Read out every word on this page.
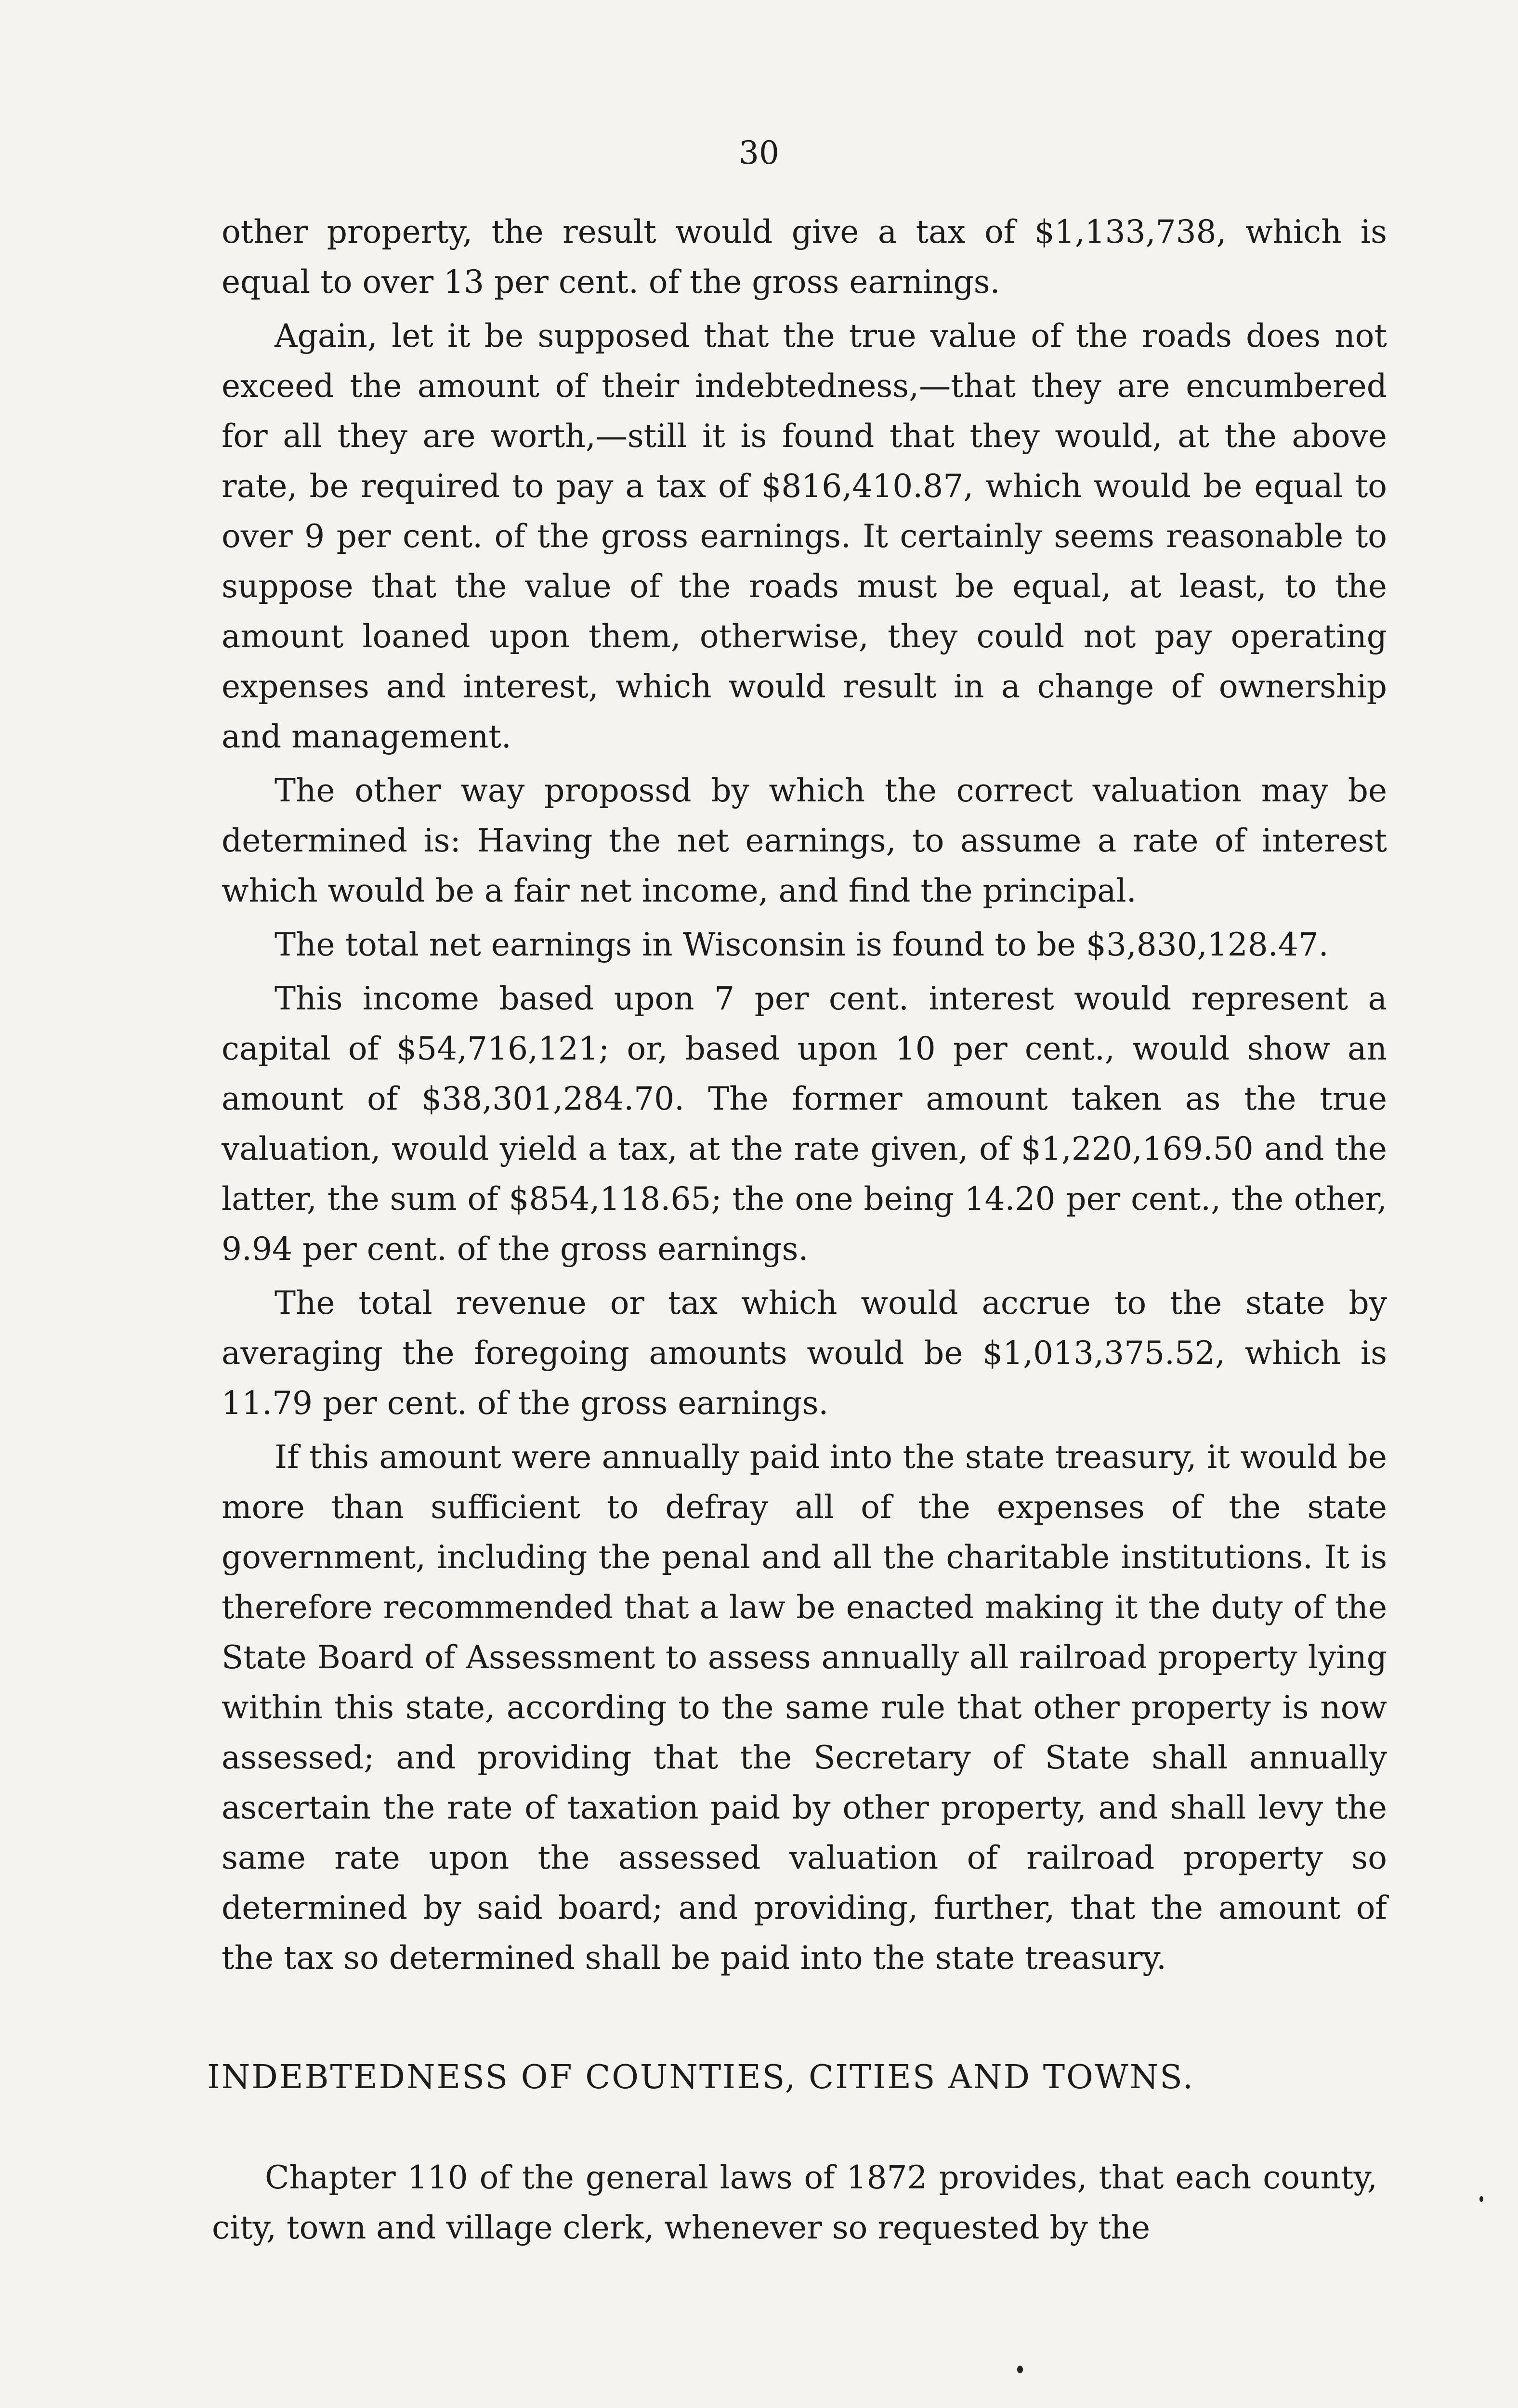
30

other property, the result would give a tax of $1,133,738, which is equal to over 13 per cent. of the gross earnings.

Again, let it be supposed that the true value of the roads does not exceed the amount of their indebtedness,—that they are encumbered for all they are worth,—still it is found that they would, at the above rate, be required to pay a tax of $816,410.87, which would be equal to over 9 per cent. of the gross earnings. It certainly seems reasonable to suppose that the value of the roads must be equal, at least, to the amount loaned upon them, otherwise, they could not pay operating expenses and interest, which would result in a change of ownership and management.

The other way propossd by which the correct valuation may be determined is: Having the net earnings, to assume a rate of interest which would be a fair net income, and find the principal.

The total net earnings in Wisconsin is found to be $3,830,128.47.

This income based upon 7 per cent. interest would represent a capital of $54,716,121; or, based upon 10 per cent., would show an amount of $38,301,284.70. The former amount taken as the true valuation, would yield a tax, at the rate given, of $1,220,169.50 and the latter, the sum of $854,118.65; the one being 14.20 per cent., the other, 9.94 per cent. of the gross earnings.

The total revenue or tax which would accrue to the state by averaging the foregoing amounts would be $1,013,375.52, which is 11.79 per cent. of the gross earnings.

If this amount were annually paid into the state treasury, it would be more than sufficient to defray all of the expenses of the state government, including the penal and all the charitable institutions. It is therefore recommended that a law be enacted making it the duty of the State Board of Assessment to assess annually all railroad property lying within this state, according to the same rule that other property is now assessed; and providing that the Secretary of State shall annually ascertain the rate of taxation paid by other property, and shall levy the same rate upon the assessed valuation of railroad property so determined by said board; and providing, further, that the amount of the tax so determined shall be paid into the state treasury.

INDEBTEDNESS OF COUNTIES, CITIES AND TOWNS.

Chapter 110 of the general laws of 1872 provides, that each county, city, town and village clerk, whenever so requested by the
